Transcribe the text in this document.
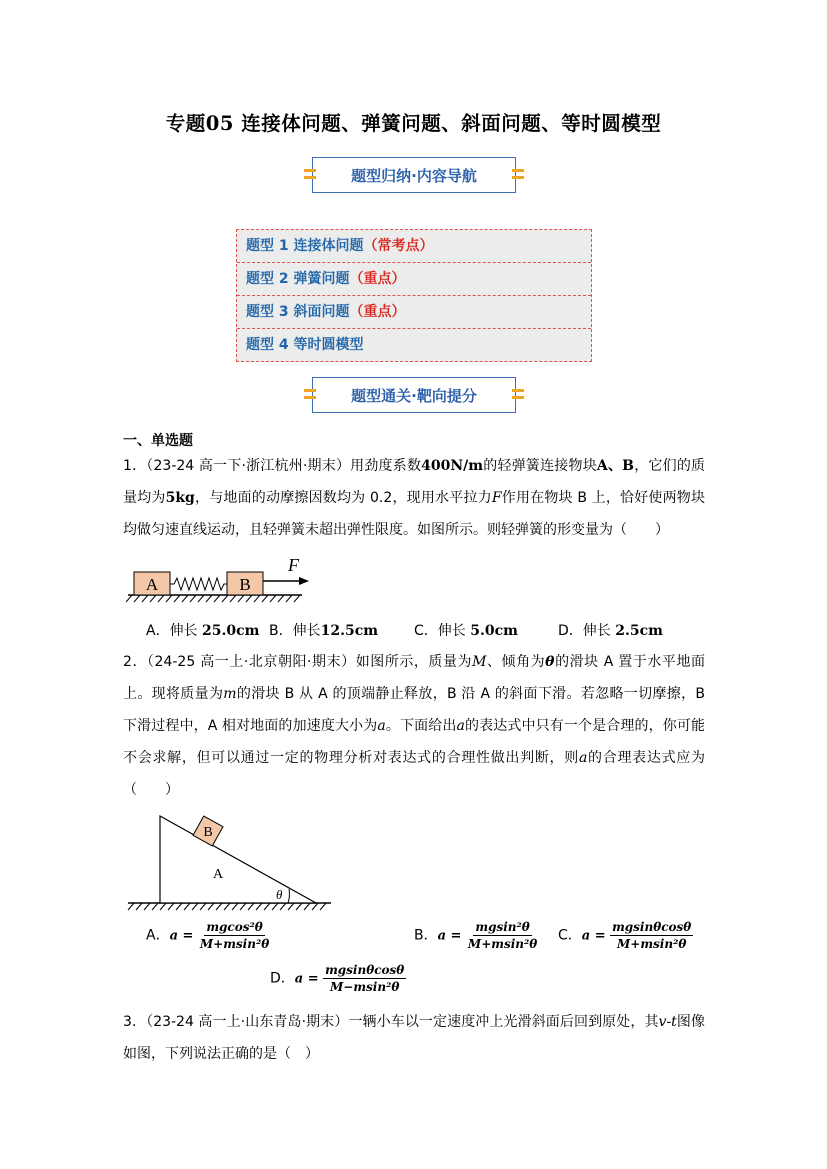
专题05 连接体问题、弹簧问题、斜面问题、等时圆模型
题型归纳·内容导航
题型 1 连接体问题（常考点）
题型 2 弹簧问题（重点）
题型 3 斜面问题（重点）
题型 4 等时圆模型
题型通关·靶向提分
一、单选题
1．（23-24 高一下·浙江杭州·期末）用劲度系数400N/m的轻弹簧连接物块A、B，它们的质量均为5kg，与地面的动摩擦因数均为 0.2，现用水平拉力F作用在物块 B 上，恰好使两物块均做匀速直线运动，且轻弹簧未超出弹性限度。如图所示。则轻弹簧的形变量为（　　）
A	B
F
A．伸长 25.0cm B．伸长12.5cm	C．伸长 5.0cm	D．伸长 2.5cm
2．（24-25 高一上·北京朝阳·期末）如图所示，质量为M、倾角为θ的滑块 A 置于水平地面上。现将质量为m的滑块 B 从 A 的顶端静止释放，B 沿 A 的斜面下滑。若忽略一切摩擦，B 下滑过程中，A 相对地面的加速度大小为a。下面给出a的表达式中只有一个是合理的，你可能不会求解，但可以通过一定的物理分析对表达式的合理性做出判断，则a的合理表达式应为（　　）
A
θ
B
A．$a = \frac{\text{mgcos²θ}}{\text{M+msin²θ}}$	B．$a = \frac{\text{mgsin²θ}}{\text{M+msin²θ}}$ C．$a = \frac{mgsin\theta\cos\theta}{\text{M+msin²θ}}$
D．$a = \frac{mgsin\theta\cos\theta}{\text{M−msin²θ}}$
3．（23-24 高一上·山东青岛·期末）一辆小车以一定速度冲上光滑斜面后回到原处，其v-t图像如图，下列说法正确的是（　）
